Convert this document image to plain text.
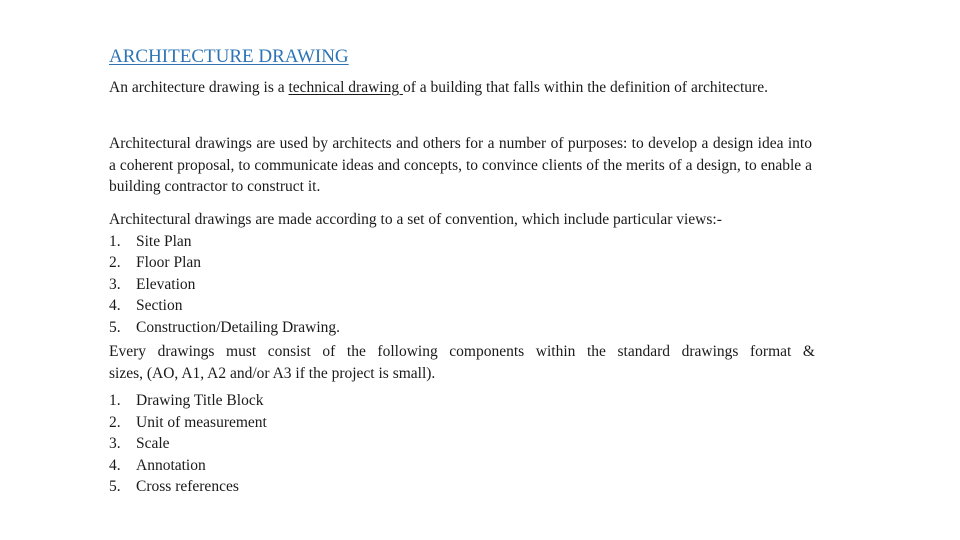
ARCHITECTURE DRAWING

An architecture drawing is a technical drawing of a building that falls within the definition of architecture.

Architectural drawings are used by architects and others for a number of purposes: to develop a design idea into a coherent proposal, to communicate ideas and concepts, to convince clients of the merits of a design, to enable a building contractor to construct it.

Architectural drawings are made according to a set of convention, which include particular views:-
1. Site Plan
2. Floor Plan
3. Elevation
4. Section
5. Construction/Detailing Drawing.
Every drawings must consist of the following components within the standard drawings format &
sizes, (AO, A1, A2 and/or A3 if the project is small).
1. Drawing Title Block
2. Unit of measurement
3. Scale
4. Annotation
5. Cross references
